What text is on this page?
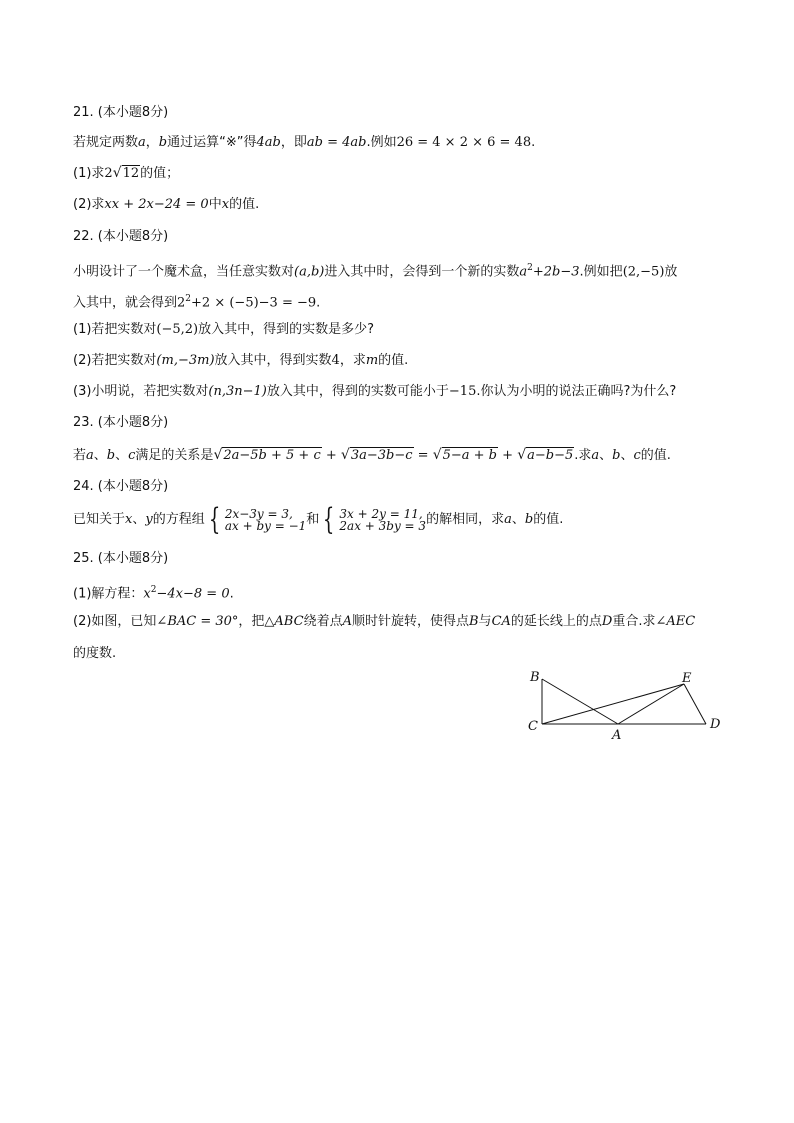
21. (本小题8分)
若规定两数a，b通过运算“※”得4ab，即ab = 4ab.例如26 = 4 × 2 × 6 = 48.
(1)求2√12的值；
(2)求xx + 2x−24 = 0中x的值.
22. (本小题8分)
小明设计了一个魔术盒，当任意实数对(a,b)进入其中时，会得到一个新的实数$a^2+2b-3$.例如把(2,−5)放
入其中，就会得到$2^2+2 \times (-5)-3 = -9$.
(1)若把实数对(−5,2)放入其中，得到的实数是多少?
(2)若把实数对(m,−3m)放入其中，得到实数4，求m的值.
(3)小明说，若把实数对(n,3n−1)放入其中，得到的实数可能小于−15.你认为小明的说法正确吗?为什么?
23. (本小题8分)
若a、b、c满足的关系是√2a−5b + 5 + c + √3a−3b−c = √5−a + b + √a−b−5.求a、b、c的值.
24. (本小题8分)
已知关于x、y的方程组 { 2x−3y = 3,
ax + by = −1 和 { 3x + 2y = 11,
2ax + 3by = 3 的解相同，求a、b的值.
25. (本小题8分)
(1)解方程：$x^2-4x-8 = 0$.
(2)如图，已知∠BAC = 30°，把△ABC绕着点A顺时针旋转，使得点B与CA的延长线上的点D重合.求∠AEC
的度数.
B
C
A
E
D
